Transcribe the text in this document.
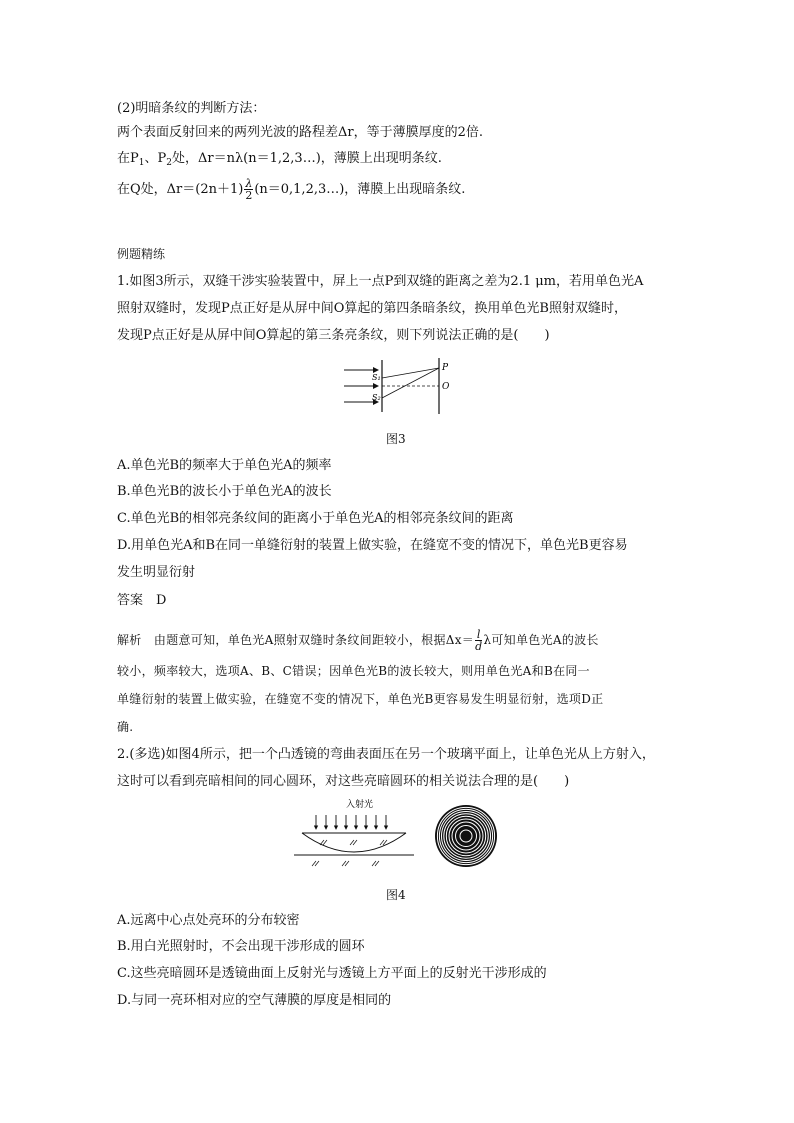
(2)明暗条纹的判断方法：
两个表面反射回来的两列光波的路程差Δr，等于薄膜厚度的2倍.
在$P_1$、$P_2$处，Δr＝nλ(n＝1,2,3…)，薄膜上出现明条纹.
在Q处，$\Delta r=(2n+1) \frac{\lambda}{2}$ (n＝0,1,2,3…)，薄膜上出现暗条纹.
例题精练
1.如图3所示，双缝干涉实验装置中，屏上一点P到双缝的距离之差为2.1 μm，若用单色光A
照射双缝时，发现P点正好是从屏中间O算起的第四条暗条纹，换用单色光B照射双缝时，
发现P点正好是从屏中间O算起的第三条亮条纹，则下列说法正确的是(　　)
S₁
S₂
P
O
图3
A.单色光B的频率大于单色光A的频率
B.单色光B的波长小于单色光A的波长
C.单色光B的相邻亮条纹间的距离小于单色光A的相邻亮条纹间的距离
D.用单色光A和B在同一单缝衍射的装置上做实验，在缝宽不变的情况下，单色光B更容易
发生明显衍射
答案　D
解析　由题意可知，单色光A照射双缝时条纹间距较小，根据$\Delta x= \frac{l}{d}$ λ可知单色光A的波长
较小，频率较大，选项A、B、C错误；因单色光B的波长较大，则用单色光A和B在同一
单缝衍射的装置上做实验，在缝宽不变的情况下，单色光B更容易发生明显衍射，选项D正
确.
2.(多选)如图4所示，把一个凸透镜的弯曲表面压在另一个玻璃平面上，让单色光从上方射入，
这时可以看到亮暗相间的同心圆环，对这些亮暗圆环的相关说法合理的是(　　)
入射光
图4
A.远离中心点处亮环的分布较密
B.用白光照射时，不会出现干涉形成的圆环
C.这些亮暗圆环是透镜曲面上反射光与透镜上方平面上的反射光干涉形成的
D.与同一亮环相对应的空气薄膜的厚度是相同的
